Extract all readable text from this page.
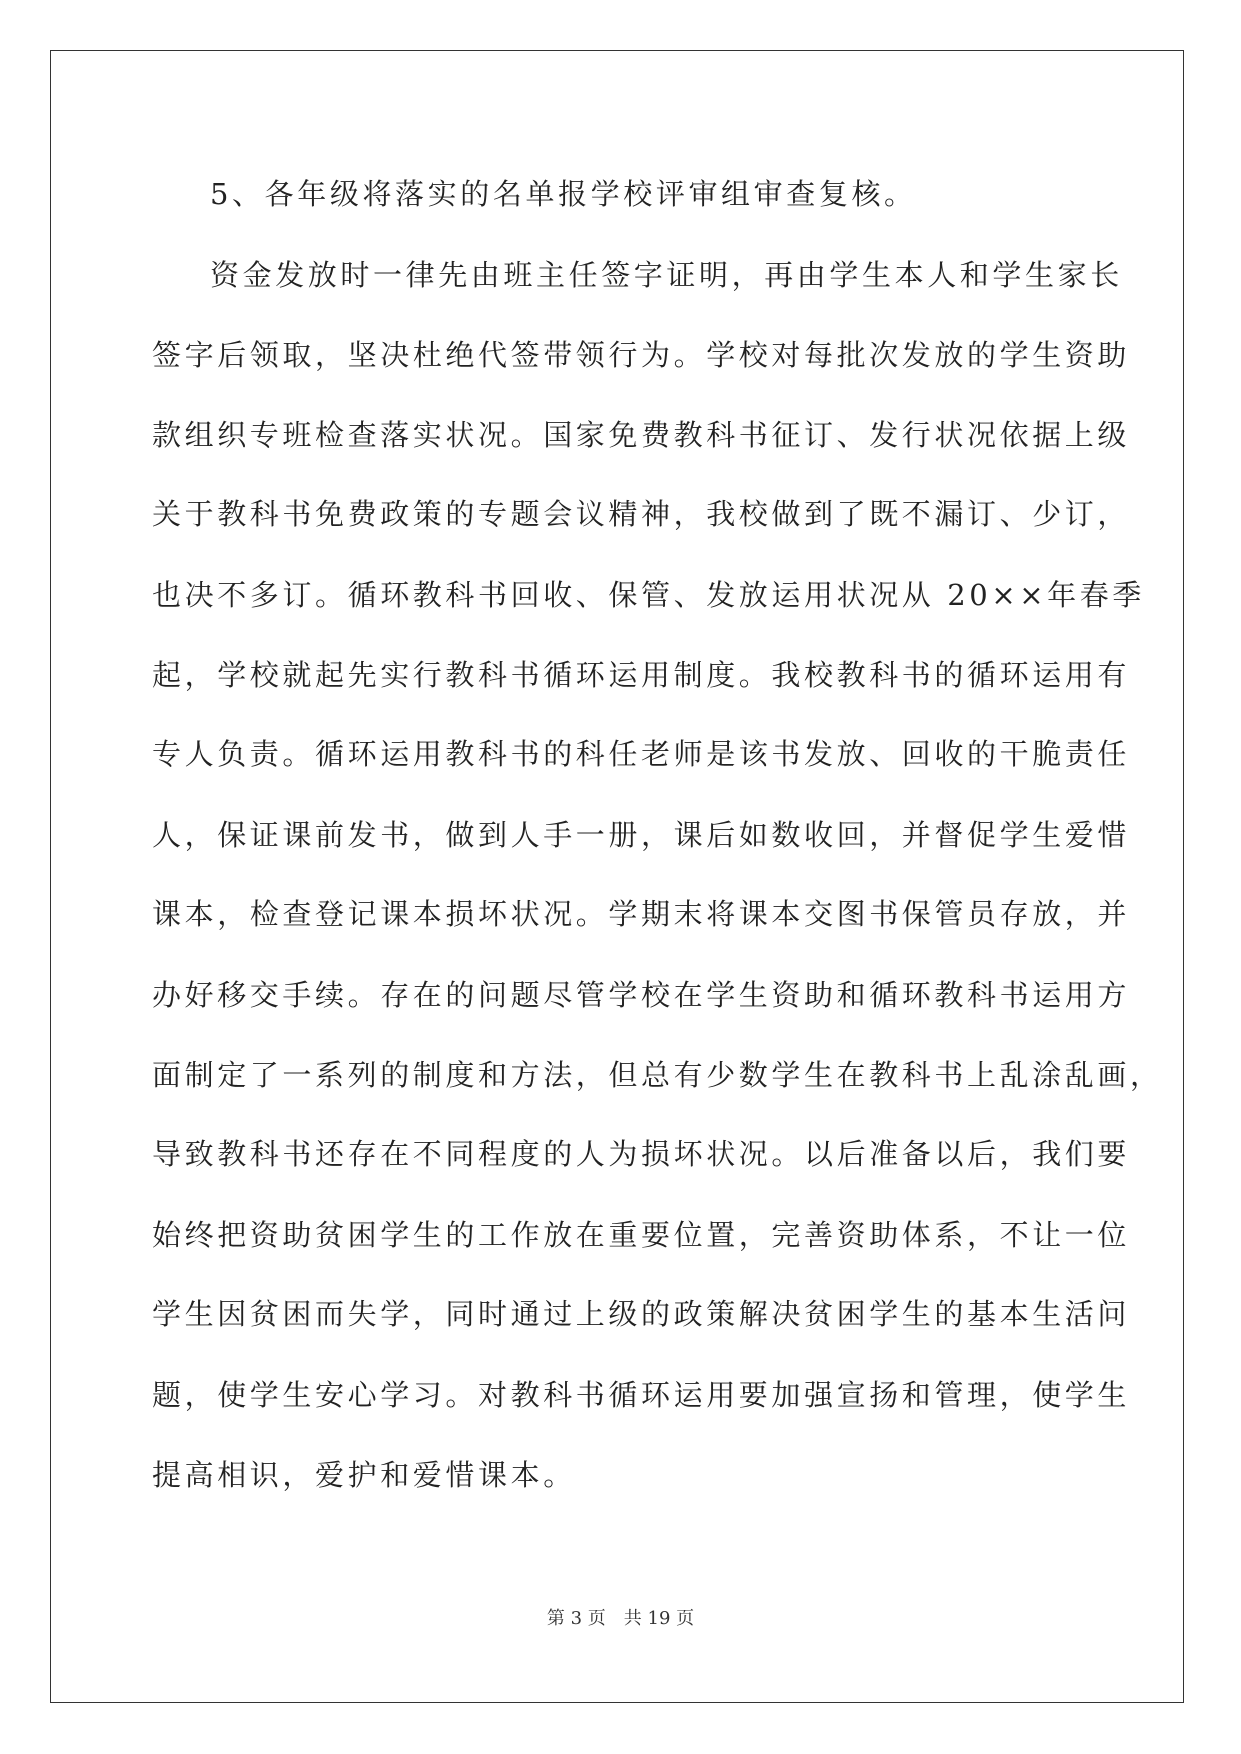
5、各年级将落实的名单报学校评审组审查复核。
资金发放时一律先由班主任签字证明，再由学生本人和学生家长
签字后领取，坚决杜绝代签带领行为。学校对每批次发放的学生资助
款组织专班检查落实状况。国家免费教科书征订、发行状况依据上级
关于教科书免费政策的专题会议精神，我校做到了既不漏订、少订，
也决不多订。循环教科书回收、保管、发放运用状况从 20××年春季
起，学校就起先实行教科书循环运用制度。我校教科书的循环运用有
专人负责。循环运用教科书的科任老师是该书发放、回收的干脆责任
人，保证课前发书，做到人手一册，课后如数收回，并督促学生爱惜
课本，检查登记课本损坏状况。学期末将课本交图书保管员存放，并
办好移交手续。存在的问题尽管学校在学生资助和循环教科书运用方
面制定了一系列的制度和方法，但总有少数学生在教科书上乱涂乱画，
导致教科书还存在不同程度的人为损坏状况。以后准备以后，我们要
始终把资助贫困学生的工作放在重要位置，完善资助体系，不让一位
学生因贫困而失学，同时通过上级的政策解决贫困学生的基本生活问
题，使学生安心学习。对教科书循环运用要加强宣扬和管理，使学生
提高相识，爱护和爱惜课本。
第 3 页　共 19 页
